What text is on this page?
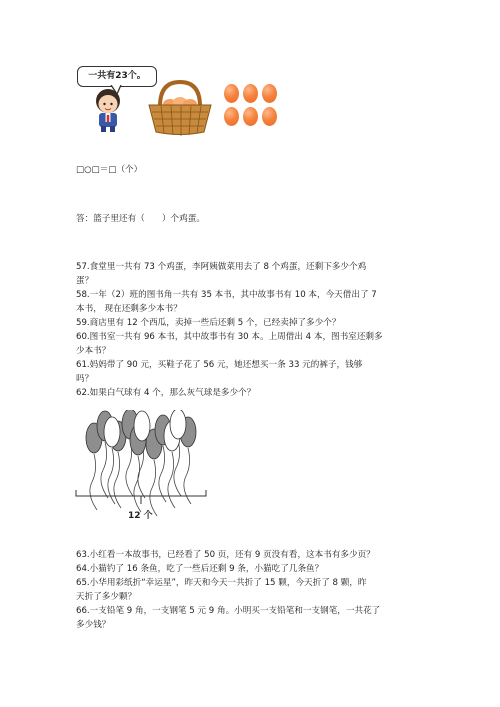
一共有23个。
□○□＝□（个）
答：篮子里还有（　　）个鸡蛋。
57.食堂里一共有 73 个鸡蛋，李阿姨做菜用去了 8 个鸡蛋，还剩下多少个鸡
蛋？
58.一年（2）班的图书角一共有 35 本书，其中故事书有 10 本，今天借出了 7
本书， 现在还剩多少本书？
59.商店里有 12 个西瓜，卖掉一些后还剩 5 个，已经卖掉了多少个？
60.图书室一共有 96 本书，其中故事书有 30 本。上周借出 4 本，图书室还剩多
少本书？
61.妈妈带了 90 元，买鞋子花了 56 元，她还想买一条 33 元的裤子，钱够
吗？
62.如果白气球有 4 个，那么灰气球是多少个？
12 个
63.小红看一本故事书，已经看了 50 页，还有 9 页没有看，这本书有多少页？
64.小猫钓了 16 条鱼，吃了一些后还剩 9 条，小猫吃了几条鱼？
65.小华用彩纸折“幸运星”，昨天和今天一共折了 15 颗，今天折了 8 颗，昨
天折了多少颗？
66.一支铅笔 9 角，一支钢笔 5 元 9 角。小明买一支铅笔和一支钢笔，一共花了
多少钱？
